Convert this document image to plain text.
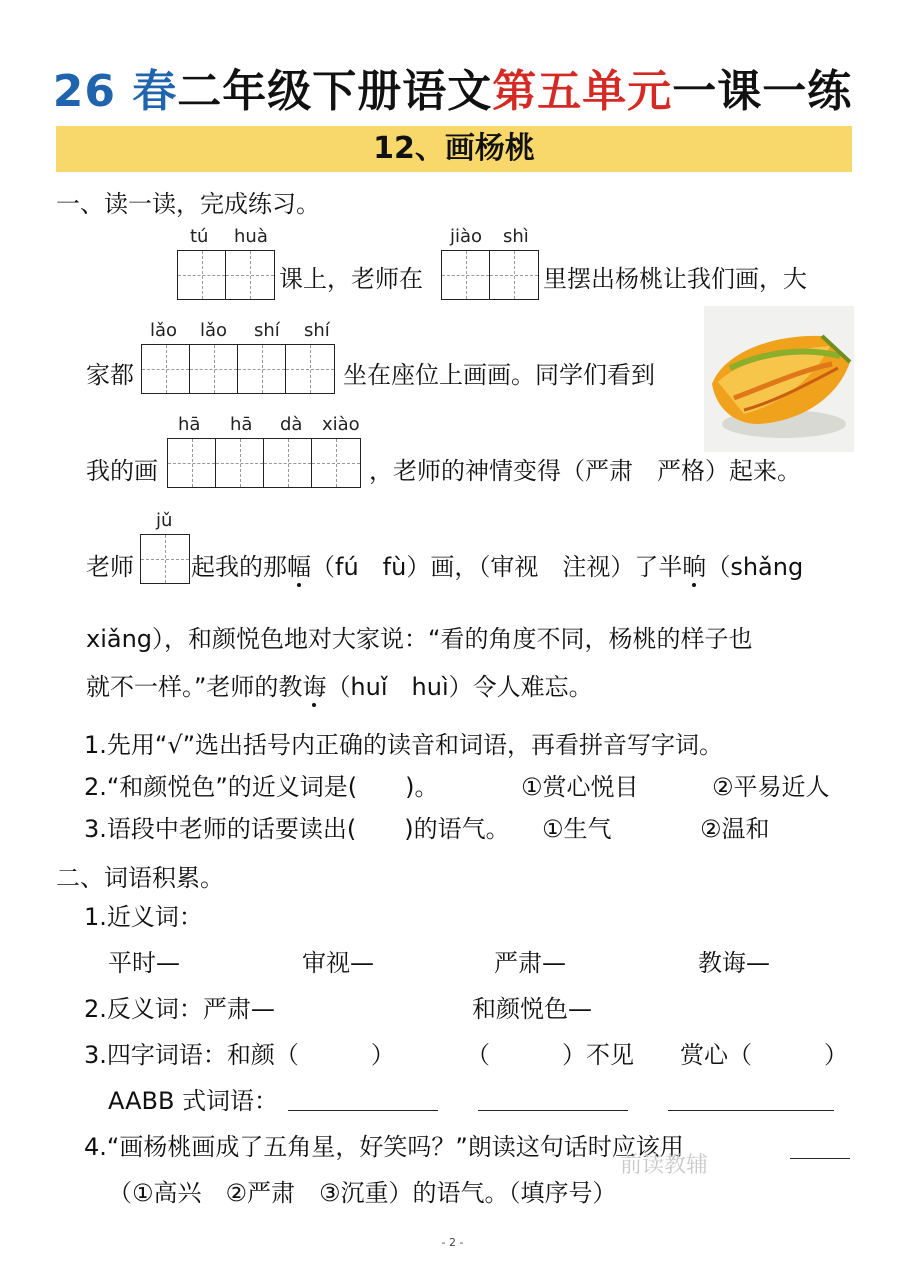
26 春二年级下册语文第五单元一课一练
12、画杨桃
一、读一读，完成练习。
tú huà
课上，老师在
jiào shì
里摆出杨桃让我们画，大
lǎo lǎo shí shí
家都	坐在座位上画画。同学们看到
hā hā dà xiào
我的画	，老师的神情变得（严肃　严格）起来。
jǔ
老师 起我的那幅（fú　fù）画，（审视　注视）了半晌（shǎng
xiǎng），和颜悦色地对大家说：“看的角度不同，杨桃的样子也
就不一样。”老师的教诲（huǐ　huì）令人难忘。
1.先用“√”选出括号内正确的读音和词语，再看拼音写字词。
2.“和颜悦色”的近义词是(　　)。	①赏心悦目	②平易近人
3.语段中老师的话要读出(　　)的语气。 ①生气	②温和
二、词语积累。
1.近义词：
平时—	审视—	严肃—	教诲—
2.反义词：严肃—	和颜悦色—
3.四字词语：和颜（　　　）	（　　　）不见 赏心（　　　）
AABB 式词语：
4.“画杨桃画成了五角星，好笑吗？”朗读这句话时应该用
前读教辅
（①高兴　②严肃　③沉重）的语气。（填序号）
- 2 -
